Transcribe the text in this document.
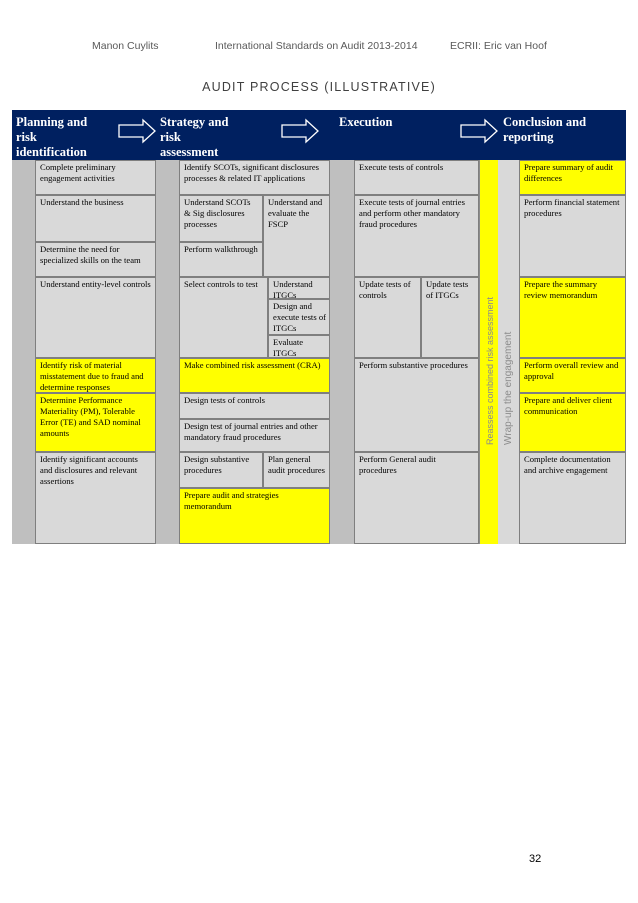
Manon Cuylits	International Standards on Audit 2013-2014	ECRII: Eric van Hoof
AUDIT PROCESS (ILLUSTRATIVE)
Planning and
risk
identification
Strategy and
risk
assessment
Execution	Conclusion and
reporting
Reassess combined risk assessment Wrap-up the engagement
Complete preliminary engagement activities
Understand the business
Determine the need for specialized skills on the team
Understand entity-level controls
Identify risk of material misstatement due to fraud and determine responses
Determine Performance Materiality (PM), Tolerable Error (TE) and SAD nominal amounts
Identify significant accounts and disclosures and relevant assertions
Identify SCOTs, significant disclosures processes & related IT applications
Understand SCOTs & Sig disclosures processes
Understand and evaluate the FSCP
Perform walkthrough
Select controls to test	Understand ITGCs
Design and execute tests of ITGCs
Evaluate ITGCs
Make combined risk assessment (CRA)
Design tests of controls
Design test of journal entries and other mandatory fraud procedures
Design substantive procedures
Plan general audit procedures
Prepare audit and strategies memorandum
Execute tests of controls
Execute tests of journal entries and perform other mandatory fraud procedures
Update tests of controls
Update tests of ITGCs
Perform substantive procedures
Perform General audit procedures
Prepare summary of audit differences
Perform financial statement procedures
Prepare the summary review memorandum
Perform overall review and approval
Prepare and deliver client communication
Complete documentation and archive engagement
32
